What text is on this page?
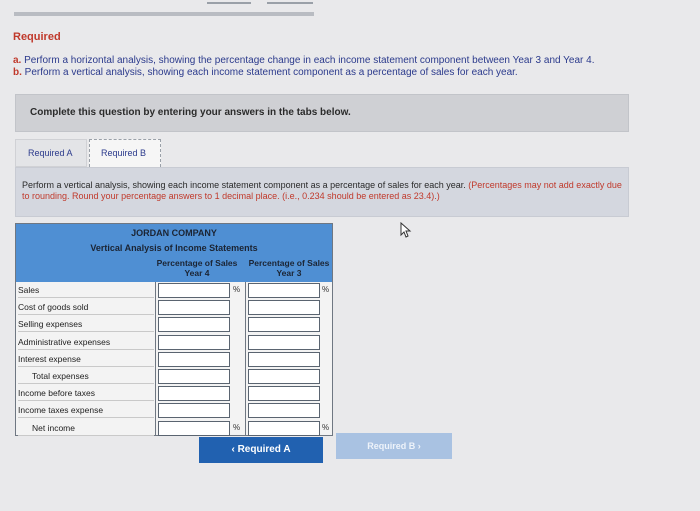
Required
a. Perform a horizontal analysis, showing the percentage change in each income statement component between Year 3 and Year 4.
b. Perform a vertical analysis, showing each income statement component as a percentage of sales for each year.
Complete this question by entering your answers in the tabs below.
Required A	Required B
Perform a vertical analysis, showing each income statement component as a percentage of sales for each year. (Percentages may not add exactly due to rounding. Round your percentage answers to 1 decimal place. (i.e., 0.234 should be entered as 23.4).)
JORDAN COMPANY
Vertical Analysis of Income Statements
Percentage of Sales Year 4
Percentage of Sales Year 3
Sales	%	%
Cost of goods sold
Selling expenses
Administrative expenses
Interest expense
Total expenses
Income before taxes
Income taxes expense
Net income	%	%
‹ Required A	Required B ›
